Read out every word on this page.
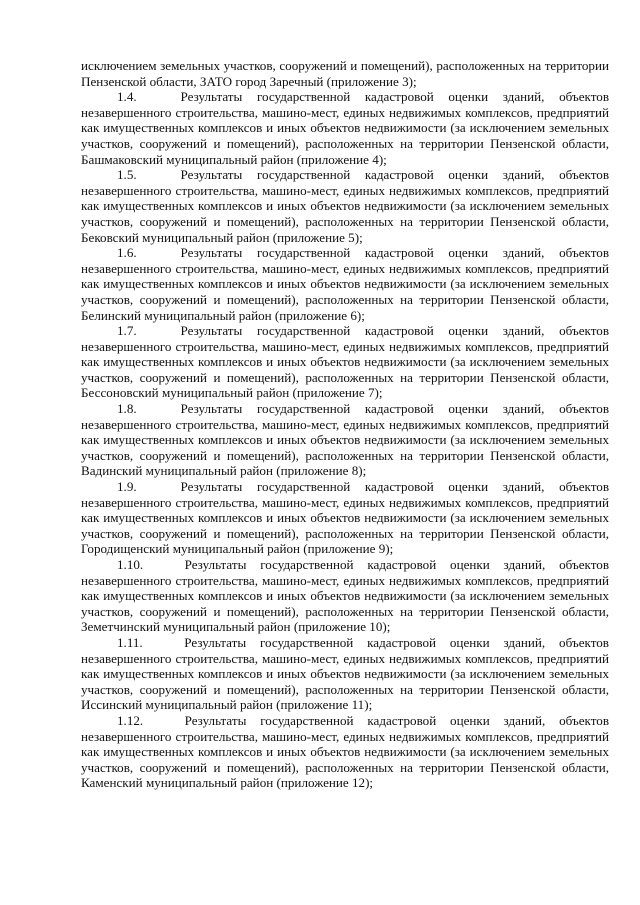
исключением земельных участков, сооружений и помещений), расположенных на территории Пензенской области, ЗАТО город Заречный (приложение 3);

1.4.	Результаты государственной кадастровой оценки зданий, объектов незавершенного строительства, машино-мест, единых недвижимых комплексов, предприятий как имущественных комплексов и иных объектов недвижимости (за исключением земельных участков, сооружений и помещений), расположенных на территории Пензенской области, Башмаковский муниципальный район (приложение 4);

1.5.	Результаты государственной кадастровой оценки зданий, объектов незавершенного строительства, машино-мест, единых недвижимых комплексов, предприятий как имущественных комплексов и иных объектов недвижимости (за исключением земельных участков, сооружений и помещений), расположенных на территории Пензенской области, Бековский муниципальный район (приложение 5);

1.6.	Результаты государственной кадастровой оценки зданий, объектов незавершенного строительства, машино-мест, единых недвижимых комплексов, предприятий как имущественных комплексов и иных объектов недвижимости (за исключением земельных участков, сооружений и помещений), расположенных на территории Пензенской области, Белинский муниципальный район (приложение 6);

1.7.	Результаты государственной кадастровой оценки зданий, объектов незавершенного строительства, машино-мест, единых недвижимых комплексов, предприятий как имущественных комплексов и иных объектов недвижимости (за исключением земельных участков, сооружений и помещений), расположенных на территории Пензенской области, Бессоновский муниципальный район (приложение 7);

1.8.	Результаты государственной кадастровой оценки зданий, объектов незавершенного строительства, машино-мест, единых недвижимых комплексов, предприятий как имущественных комплексов и иных объектов недвижимости (за исключением земельных участков, сооружений и помещений), расположенных на территории Пензенской области, Вадинский муниципальный район (приложение 8);

1.9.	Результаты государственной кадастровой оценки зданий, объектов незавершенного строительства, машино-мест, единых недвижимых комплексов, предприятий как имущественных комплексов и иных объектов недвижимости (за исключением земельных участков, сооружений и помещений), расположенных на территории Пензенской области, Городищенский муниципальный район (приложение 9);

1.10.	Результаты государственной кадастровой оценки зданий, объектов незавершенного строительства, машино-мест, единых недвижимых комплексов, предприятий как имущественных комплексов и иных объектов недвижимости (за исключением земельных участков, сооружений и помещений), расположенных на территории Пензенской области, Земетчинский муниципальный район (приложение 10);

1.11.	Результаты государственной кадастровой оценки зданий, объектов незавершенного строительства, машино-мест, единых недвижимых комплексов, предприятий как имущественных комплексов и иных объектов недвижимости (за исключением земельных участков, сооружений и помещений), расположенных на территории Пензенской области, Иссинский муниципальный район (приложение 11);

1.12.	Результаты государственной кадастровой оценки зданий, объектов незавершенного строительства, машино-мест, единых недвижимых комплексов, предприятий как имущественных комплексов и иных объектов недвижимости (за исключением земельных участков, сооружений и помещений), расположенных на территории Пензенской области, Каменский муниципальный район (приложение 12);
